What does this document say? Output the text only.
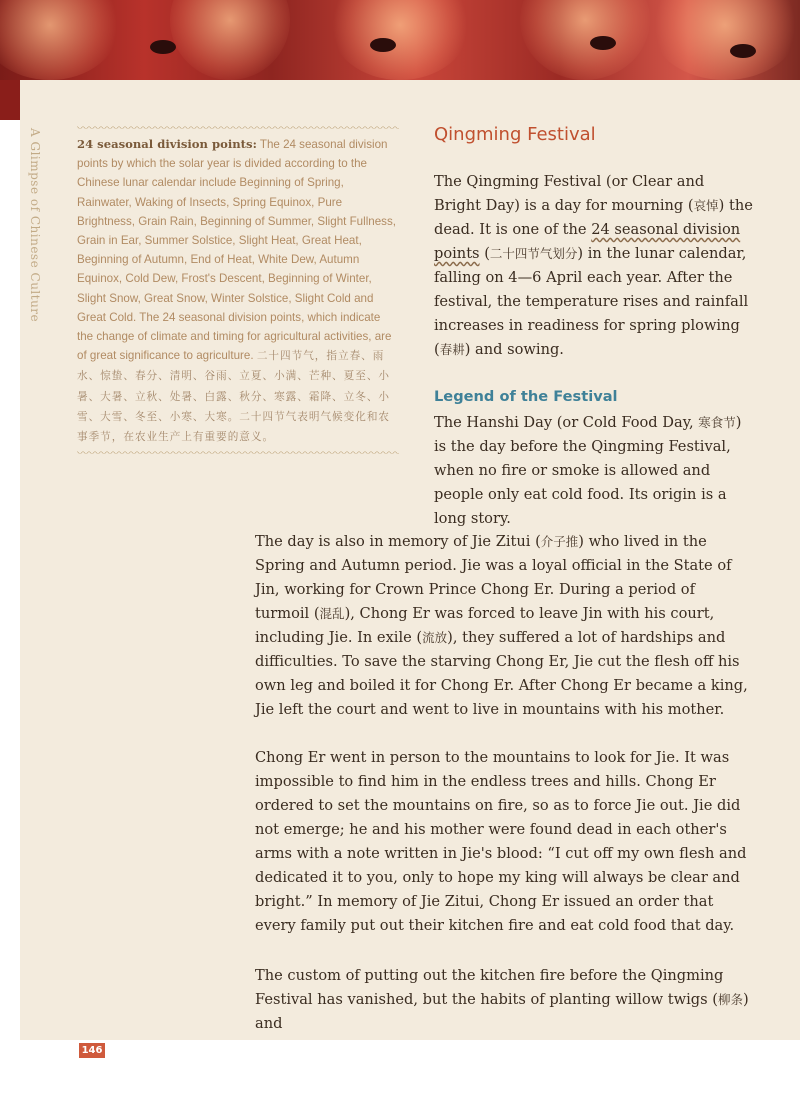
A Glimpse of Chinese Culture	24 seasonal division points: The 24 seasonal division points by which the solar year is divided according to the Chinese lunar calendar include Beginning of Spring, Rainwater, Waking of Insects, Spring Equinox, Pure Brightness, Grain Rain, Beginning of Summer, Slight Fullness, Grain in Ear, Summer Solstice, Slight Heat, Great Heat, Beginning of Autumn, End of Heat, White Dew, Autumn Equinox, Cold Dew, Frost's Descent, Beginning of Winter, Slight Snow, Great Snow, Winter Solstice, Slight Cold and Great Cold. The 24 seasonal division points, which indicate the change of climate and timing for agricultural activities, are of great significance to agriculture. 二十四节气，指立春、雨水、惊蛰、春分、清明、谷雨、立夏、小满、芒种、夏至、小暑、大暑、立秋、处暑、白露、秋分、寒露、霜降、立冬、小雪、大雪、冬至、小寒、大寒。二十四节气表明气候变化和农事季节，在农业生产上有重要的意义。
Qingming Festival
The Qingming Festival (or Clear and Bright Day) is a day for mourning (哀悼) the dead. It is one of the 24 seasonal division points (二十四节气划分) in the lunar calendar, falling on 4—6 April each year. After the festival, the temperature rises and rainfall increases in readiness for spring plowing (春耕) and sowing.
Legend of the Festival
The Hanshi Day (or Cold Food Day, 寒食节) is the day before the Qingming Festival, when no fire or smoke is allowed and people only eat cold food. Its origin is a long story.
The day is also in memory of Jie Zitui (介子推) who lived in the Spring and Autumn period. Jie was a loyal official in the State of Jin, working for Crown Prince Chong Er. During a period of turmoil (混乱), Chong Er was forced to leave Jin with his court, including Jie. In exile (流放), they suffered a lot of hardships and difficulties. To save the starving Chong Er, Jie cut the flesh off his own leg and boiled it for Chong Er. After Chong Er became a king, Jie left the court and went to live in mountains with his mother.
Chong Er went in person to the mountains to look for Jie. It was impossible to find him in the endless trees and hills. Chong Er ordered to set the mountains on fire, so as to force Jie out. Jie did not emerge; he and his mother were found dead in each other's arms with a note written in Jie's blood: “I cut off my own flesh and dedicated it to you, only to hope my king will always be clear and bright.” In memory of Jie Zitui, Chong Er issued an order that every family put out their kitchen fire and eat cold food that day.
The custom of putting out the kitchen fire before the Qingming Festival has vanished, but the habits of planting willow twigs (柳条) and
146
